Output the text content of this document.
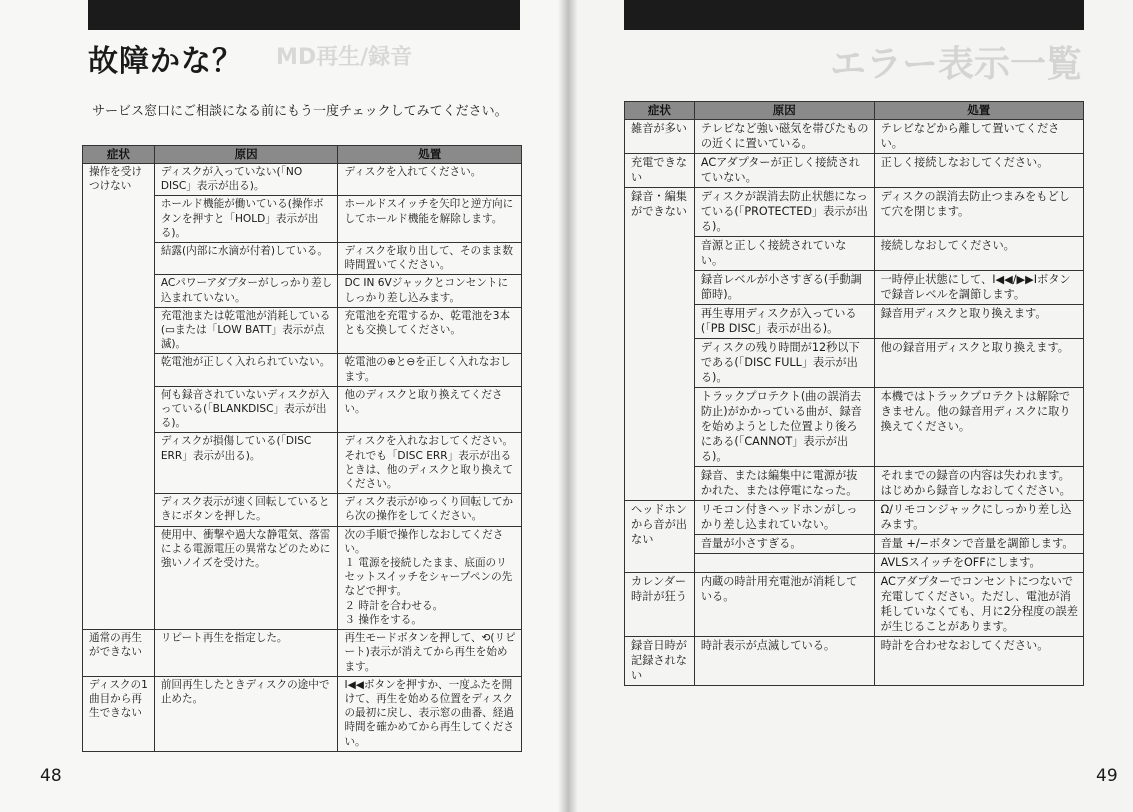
MD再生/録音
故障かな？
サービス窓口にご相談になる前にもう一度チェックしてみてください。
症状	原因	処置
操作を受けつけない	ディスクが入っていない(「NO DISC」表示が出る)。	ディスクを入れてください。
	ホールド機能が働いている(操作ボタンを押すと「HOLD」表示が出る)。	ホールドスイッチを矢印と逆方向にしてホールド機能を解除します。
	結露(内部に水滴が付着)している。	ディスクを取り出して、そのまま数時間置いてください。
	ACパワーアダプターがしっかり差し込まれていない。	DC IN 6Vジャックとコンセントにしっかり差し込みます。
	充電池または乾電池が消耗している(▭または「LOW BATT」表示が点滅)。	充電池を充電するか、乾電池を3本とも交換してください。
	乾電池が正しく入れられていない。	乾電池の⊕と⊖を正しく入れなおします。
	何も録音されていないディスクが入っている(「BLANKDISC」表示が出る)。	他のディスクと取り換えてください。
	ディスクが損傷している(「DISC ERR」表示が出る)。	ディスクを入れなおしてください。それでも「DISC ERR」表示が出るときは、他のディスクと取り換えてください。
	ディスク表示が速く回転しているときにボタンを押した。	ディスク表示がゆっくり回転してから次の操作をしてください。
	使用中、衝撃や過大な静電気、落雷による電源電圧の異常などのために強いノイズを受けた。	次の手順で操作しなおしてください。
１ 電源を接続したまま、底面のリセットスイッチをシャープペンの先などで押す。
２ 時計を合わせる。
３ 操作をする。
通常の再生ができない	リピート再生を指定した。	再生モードボタンを押して、⟲(リピート)表示が消えてから再生を始めます。
ディスクの1曲目から再生できない	前回再生したときディスクの途中で止めた。	I◀◀ボタンを押すか、一度ふたを開けて、再生を始める位置をディスクの最初に戻し、表示窓の曲番、経過時間を確かめてから再生してください。
48
エラー表示一覧
症状	原因	処置
雑音が多い	テレビなど強い磁気を帯びたものの近くに置いている。	テレビなどから離して置いてください。
充電できない	ACアダプターが正しく接続されていない。	正しく接続しなおしてください。
録音・編集ができない	ディスクが誤消去防止状態になっている(「PROTECTED」表示が出る)。	ディスクの誤消去防止つまみをもどして穴を閉じます。
	音源と正しく接続されていない。	接続しなおしてください。
	録音レベルが小さすぎる(手動調節時)。	一時停止状態にして、I◀◀/▶▶Iボタンで録音レベルを調節します。
	再生専用ディスクが入っている(「PB DISC」表示が出る)。	録音用ディスクと取り換えます。
	ディスクの残り時間が12秒以下である(「DISC FULL」表示が出る)。	他の録音用ディスクと取り換えます。
	トラックプロテクト(曲の誤消去防止)がかかっている曲が、録音を始めようとした位置より後ろにある(「CANNOT」表示が出る)。	本機ではトラックプロテクトは解除できません。他の録音用ディスクに取り換えてください。
	録音、または編集中に電源が抜かれた、または停電になった。	それまでの録音の内容は失われます。はじめから録音しなおしてください。
ヘッドホンから音が出ない	リモコン付きヘッドホンがしっかり差し込まれていない。	Ω/リモコンジャックにしっかり差し込みます。
	音量が小さすぎる。	音量 +/−ボタンで音量を調節します。
		AVLSスイッチをOFFにします。
カレンダー時計が狂う	内蔵の時計用充電池が消耗している。	ACアダプターでコンセントにつないで充電してください。ただし、電池が消耗していなくても、月に2分程度の誤差が生じることがあります。
録音日時が記録されない	時計表示が点滅している。	時計を合わせなおしてください。
49
